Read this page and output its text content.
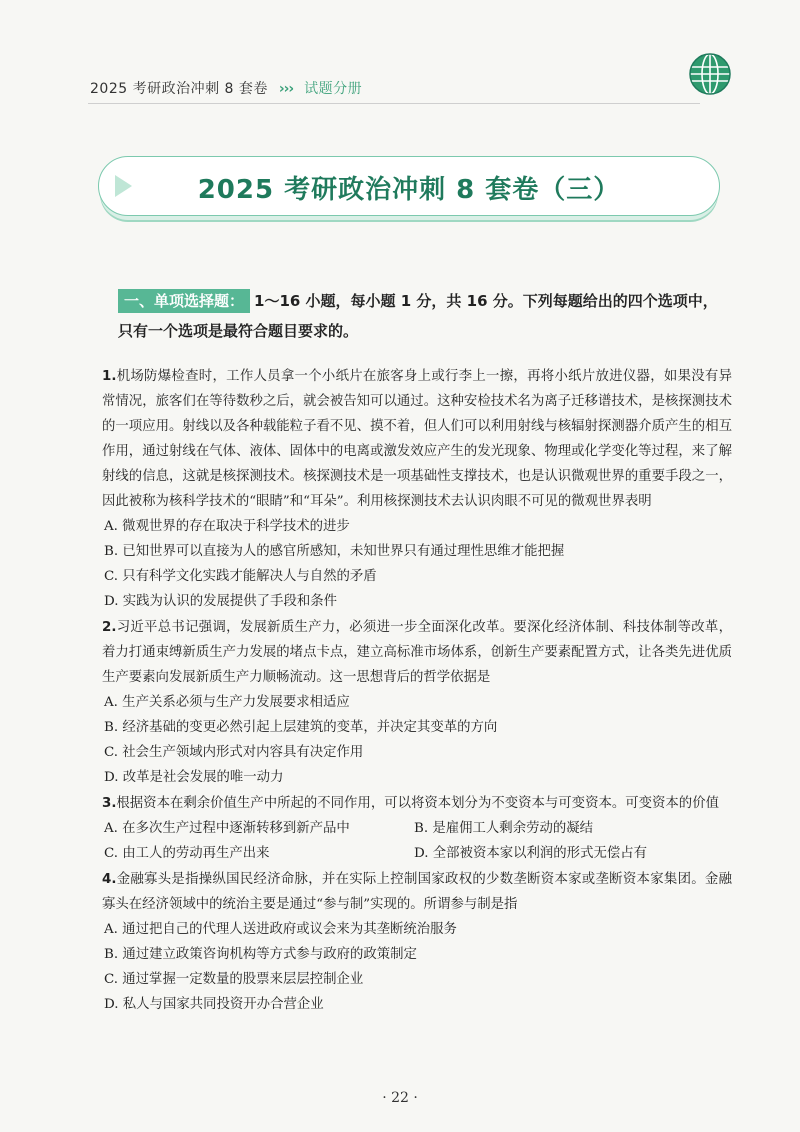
2025 考研政治冲刺 8 套卷 ››› 试题分册
2025 考研政治冲刺 8 套卷（三）
一、单项选择题： 1～16 小题，每小题 1 分，共 16 分。下列每题给出的四个选项中，只有一个选项是最符合题目要求的。
1.机场防爆检查时，工作人员拿一个小纸片在旅客身上或行李上一擦，再将小纸片放进仪器，如果没有异常情况，旅客们在等待数秒之后，就会被告知可以通过。这种安检技术名为离子迁移谱技术，是核探测技术的一项应用。射线以及各种载能粒子看不见、摸不着，但人们可以利用射线与核辐射探测器介质产生的相互作用，通过射线在气体、液体、固体中的电离或激发效应产生的发光现象、物理或化学变化等过程，来了解射线的信息，这就是核探测技术。核探测技术是一项基础性支撑技术，也是认识微观世界的重要手段之一，因此被称为核科学技术的“眼睛”和“耳朵”。利用核探测技术去认识肉眼不可见的微观世界表明
A. 微观世界的存在取决于科学技术的进步
B. 已知世界可以直接为人的感官所感知，未知世界只有通过理性思维才能把握
C. 只有科学文化实践才能解决人与自然的矛盾
D. 实践为认识的发展提供了手段和条件
2.习近平总书记强调，发展新质生产力，必须进一步全面深化改革。要深化经济体制、科技体制等改革，着力打通束缚新质生产力发展的堵点卡点，建立高标准市场体系，创新生产要素配置方式，让各类先进优质生产要素向发展新质生产力顺畅流动。这一思想背后的哲学依据是
A. 生产关系必须与生产力发展要求相适应
B. 经济基础的变更必然引起上层建筑的变革，并决定其变革的方向
C. 社会生产领域内形式对内容具有决定作用
D. 改革是社会发展的唯一动力
3.根据资本在剩余价值生产中所起的不同作用，可以将资本划分为不变资本与可变资本。可变资本的价值
A. 在多次生产过程中逐渐转移到新产品中	B. 是雇佣工人剩余劳动的凝结
C. 由工人的劳动再生产出来	D. 全部被资本家以利润的形式无偿占有
4.金融寡头是指操纵国民经济命脉，并在实际上控制国家政权的少数垄断资本家或垄断资本家集团。金融寡头在经济领域中的统治主要是通过“参与制”实现的。所谓参与制是指
A. 通过把自己的代理人送进政府或议会来为其垄断统治服务
B. 通过建立政策咨询机构等方式参与政府的政策制定
C. 通过掌握一定数量的股票来层层控制企业
D. 私人与国家共同投资开办合营企业
· 22 ·
